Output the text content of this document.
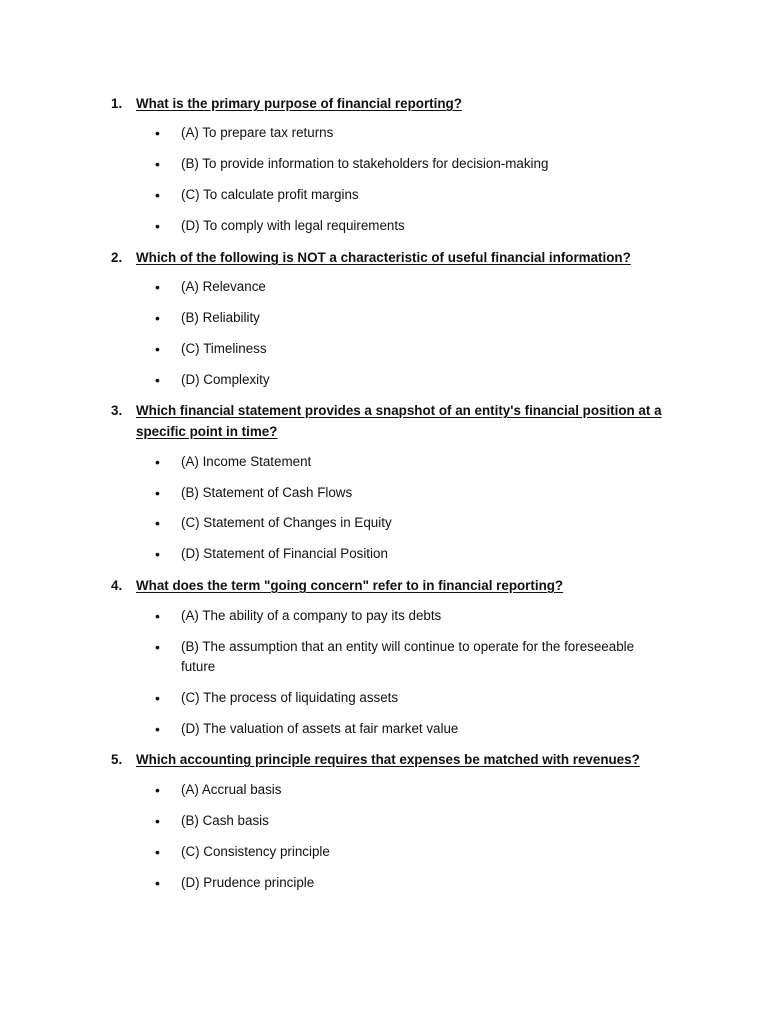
1.	What is the primary purpose of financial reporting?
•	(A) To prepare tax returns
•	(B) To provide information to stakeholders for decision-making
•	(C) To calculate profit margins
•	(D) To comply with legal requirements
2.	Which of the following is NOT a characteristic of useful financial information?
•	(A) Relevance
•	(B) Reliability
•	(C) Timeliness
•	(D) Complexity
3.	Which financial statement provides a snapshot of an entity's financial position at a specific point in time?
•	(A) Income Statement
•	(B) Statement of Cash Flows
•	(C) Statement of Changes in Equity
•	(D) Statement of Financial Position
4.	What does the term "going concern" refer to in financial reporting?
•	(A) The ability of a company to pay its debts
•	(B) The assumption that an entity will continue to operate for the foreseeable future
•	(C) The process of liquidating assets
•	(D) The valuation of assets at fair market value
5.	Which accounting principle requires that expenses be matched with revenues?
•	(A) Accrual basis
•	(B) Cash basis
•	(C) Consistency principle
•	(D) Prudence principle
